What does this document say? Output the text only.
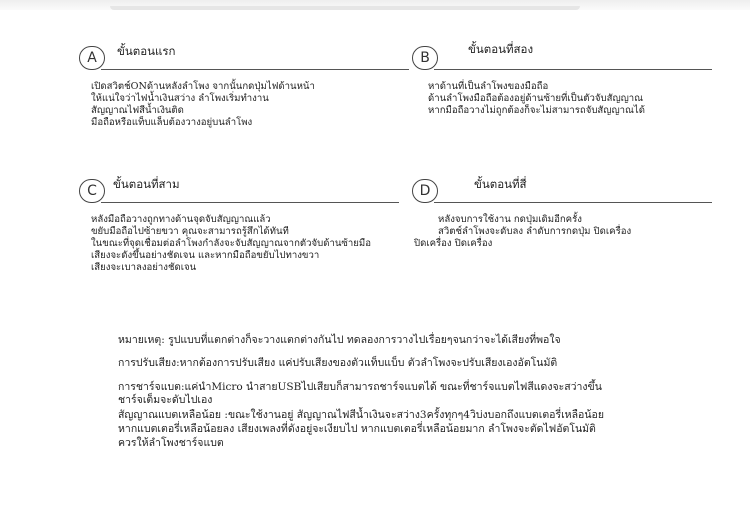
A	ขั้นตอนแรก
เปิดสวิตช์ONด้านหลังลำโพง จากนั้นกดปุ่มไฟด้านหน้า
ให้แน่ใจว่าไฟน้ำเงินสว่าง ลำโพงเริ่มทำงาน
สัญญาณไฟสีน้ำเงินติด
มือถือหรือแท็บแล็บต้องวางอยู่บนลำโพง
B
ขั้นตอนที่สอง
หาด้านที่เป็นลำโพงของมือถือ
ด้านลำโพงมือถือต้องอยู่ด้านซ้ายที่เป็นตัวจับสัญญาณ
หากมือถือวางไม่ถูกต้องก็จะไม่สามารถจับสัญญาณได้
C	ขั้นตอนที่สาม
หลังมือถือวางถูกทางด้านจุดจับสัญญาณแล้ว
ขยับมือถือไปซ้ายขวา คุณจะสามารถรู้สึกได้ทันที
ในขณะที่จุดเชื่อมต่อลำโพงกำลังจะจับสัญญาณจากตัวจับด้านซ้ายมือ
เสียงจะดังขึ้นอย่างชัดเจน และหากมือถือขยับไปทางขวา
เสียงจะเบาลงอย่างชัดเจน
D	ขั้นตอนที่สี่
หลังจบการใช้งาน กดปุ่มเดิมอีกครั้ง
สวิตช์ลำโพงจะดับลง ลำดับการกดปุ่ม ปิดเครื่อง
ปิดเครื่อง ปิดเครื่อง
หมายเหตุ: รูปแบบที่แตกต่างก็จะวางแตกต่างกันไป ทดลองการวางไปเรื่อยๆจนกว่าจะได้เสียงที่พอใจ
การปรับเสียง:หากต้องการปรับเสียง แค่ปรับเสียงของตัวแท็บแบ็บ ตัวลำโพงจะปรับเสียงเองอัตโนมัติ
การชาร์จแบต:แค่นำMicro นำสายUSBไปเสียบก็สามารถชาร์จแบตได้ ขณะที่ชาร์จแบตไฟสีแดงจะสว่างขึ้น
ชาร์จเต็มจะดับไปเอง
สัญญาณแบตเหลือน้อย :ขณะใช้งานอยู่ สัญญาณไฟสีน้ำเงินจะสว่าง3ครั้งทุกๆ4วิบ่งบอกถึงแบตเตอรี่เหลือน้อย
หากแบตเตอรี่เหลือน้อยลง เสียงเพลงที่ดังอยู่จะเงียบไป หากแบตเตอรี่เหลือน้อยมาก ลำโพงจะตัดไฟอัตโนมัติ
ควรให้ลำโพงชาร์จแบต
